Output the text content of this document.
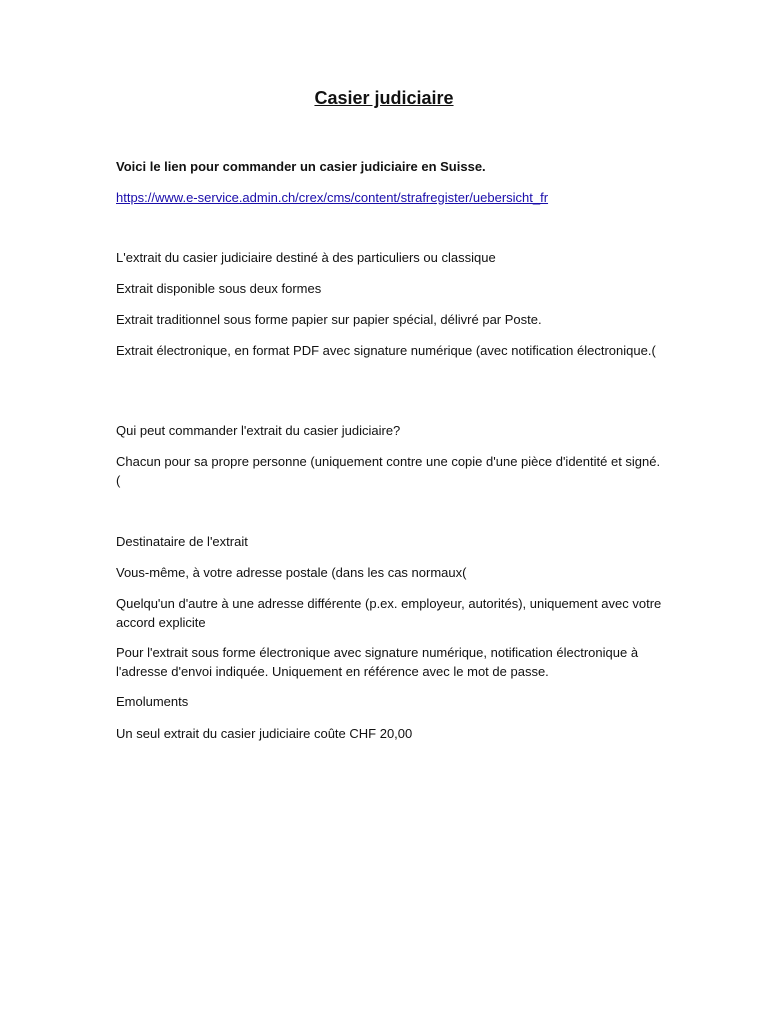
Casier judiciaire
Voici le lien pour commander un casier judiciaire en Suisse.
https://www.e-service.admin.ch/crex/cms/content/strafregister/uebersicht_fr
L'extrait du casier judiciaire destiné à des particuliers ou classique
Extrait disponible sous deux formes
Extrait traditionnel sous forme papier sur papier spécial, délivré par Poste.
Extrait électronique, en format PDF avec signature numérique (avec notification électronique.(
Qui peut commander l'extrait du casier judiciaire?
Chacun pour sa propre personne (uniquement contre une copie d'une pièce d'identité et signé.(
Destinataire de l'extrait
Vous-même, à votre adresse postale (dans les cas normaux(
Quelqu'un d'autre à une adresse différente (p.ex. employeur, autorités), uniquement avec votre accord explicite
Pour l'extrait sous forme électronique avec signature numérique, notification électronique à l'adresse d'envoi indiquée. Uniquement en référence avec le mot de passe.
Emoluments
Un seul extrait du casier judiciaire coûte CHF 20,00
